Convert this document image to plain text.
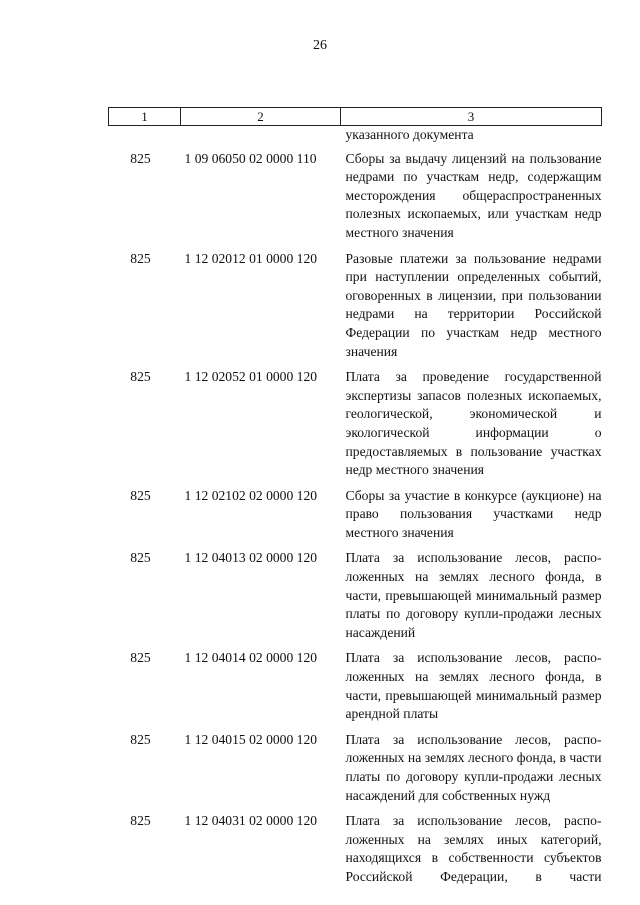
26
1	2	3
		указанного документа
825	1 09 06050 02 0000 110	Сборы за выдачу лицензий на пользование недрами по участкам недр, содержащим месторождения общераспространенных полезных ископаемых, или участкам недр местного значения
825	1 12 02012 01 0000 120	Разовые платежи за пользование недрами при наступлении определенных событий, оговоренных в лицензии, при пользовании недрами на территории Российской Федерации по участкам недр местного значения
825	1 12 02052 01 0000 120	Плата за проведение государственной экспертизы запасов полезных ископаемых, геологической, экономической и экологической информации о предоставляемых в пользование участках недр местного значения
825	1 12 02102 02 0000 120	Сборы за участие в конкурсе (аукционе) на право пользования участками недр местного значения
825	1 12 04013 02 0000 120	Плата за использование лесов, расположенных на землях лесного фонда, в части, превышающей минимальный размер платы по договору купли-продажи лесных насаждений
825	1 12 04014 02 0000 120	Плата за использование лесов, расположенных на землях лесного фонда, в части, превышающей минимальный размер арендной платы
825	1 12 04015 02 0000 120	Плата за использование лесов, расположенных на землях лесного фонда, в части платы по договору купли-продажи лесных насаждений для собственных нужд
825	1 12 04031 02 0000 120	Плата за использование лесов, расположенных на землях иных категорий, находящихся в собственности субъектов Российской Федерации, в части
